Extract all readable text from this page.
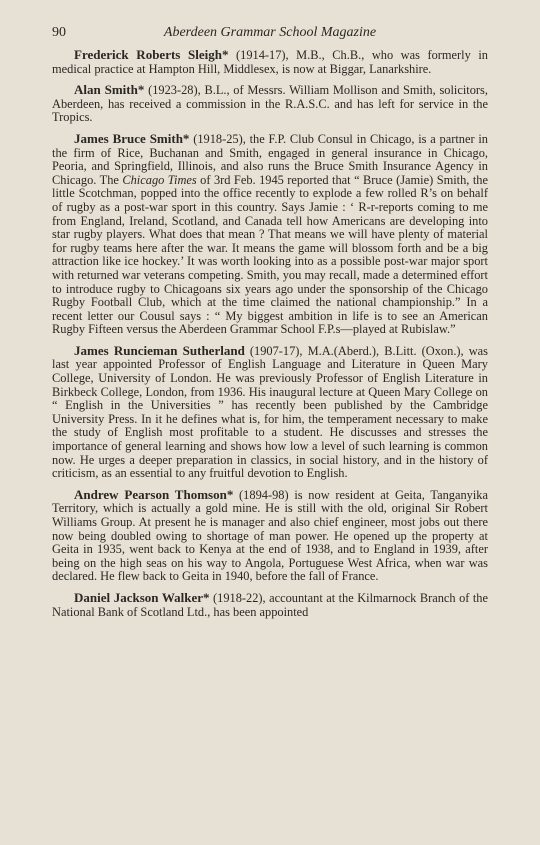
90	Aberdeen Grammar School Magazine

Frederick Roberts Sleigh* (1914-17), M.B., Ch.B., who was formerly in medical practice at Hampton Hill, Middlesex, is now at Biggar, Lanarkshire.

Alan Smith* (1923-28), B.L., of Messrs. William Mollison and Smith, solicitors, Aberdeen, has received a commission in the R.A.S.C. and has left for service in the Tropics.

James Bruce Smith* (1918-25), the F.P. Club Consul in Chicago, is a partner in the firm of Rice, Buchanan and Smith, engaged in general insurance in Chicago, Peoria, and Springfield, Illinois, and also runs the Bruce Smith Insurance Agency in Chicago. The Chicago Times of 3rd Feb. 1945 reported that “ Bruce (Jamie) Smith, the little Scotchman, popped into the office recently to explode a few rolled R’s on behalf of rugby as a post-war sport in this country. Says Jamie : ‘ R-r-reports coming to me from England, Ireland, Scotland, and Canada tell how Americans are developing into star rugby players. What does that mean ? That means we will have plenty of material for rugby teams here after the war. It means the game will blossom forth and be a big attraction like ice hockey.’ It was worth looking into as a possible post-war major sport with returned war veterans competing. Smith, you may recall, made a determined effort to introduce rugby to Chicagoans six years ago under the sponsorship of the Chicago Rugby Football Club, which at the time claimed the national championship.” In a recent letter our Cousul says : “ My biggest ambition in life is to see an American Rugby Fifteen versus the Aberdeen Grammar School F.P.s—played at Rubislaw.”

James Runcieman Sutherland (1907-17), M.A.(Aberd.), B.Litt. (Oxon.), was last year appointed Professor of English Language and Literature in Queen Mary College, University of London. He was previously Professor of English Literature in Birkbeck College, London, from 1936. His inaugural lecture at Queen Mary College on “ English in the Universities ” has recently been published by the Cambridge University Press. In it he defines what is, for him, the temperament necessary to make the study of English most profitable to a student. He discusses and stresses the importance of general learning and shows how low a level of such learning is common now. He urges a deeper preparation in classics, in social history, and in the history of criticism, as an essential to any fruitful devotion to English.

Andrew Pearson Thomson* (1894-98) is now resident at Geita, Tanganyika Territory, which is actually a gold mine. He is still with the old, original Sir Robert Williams Group. At present he is manager and also chief engineer, most jobs out there now being doubled owing to shortage of man power. He opened up the property at Geita in 1935, went back to Kenya at the end of 1938, and to England in 1939, after being on the high seas on his way to Angola, Portuguese West Africa, when war was declared. He flew back to Geita in 1940, before the fall of France.

Daniel Jackson Walker* (1918-22), accountant at the Kilmarnock Branch of the National Bank of Scotland Ltd., has been appointed
